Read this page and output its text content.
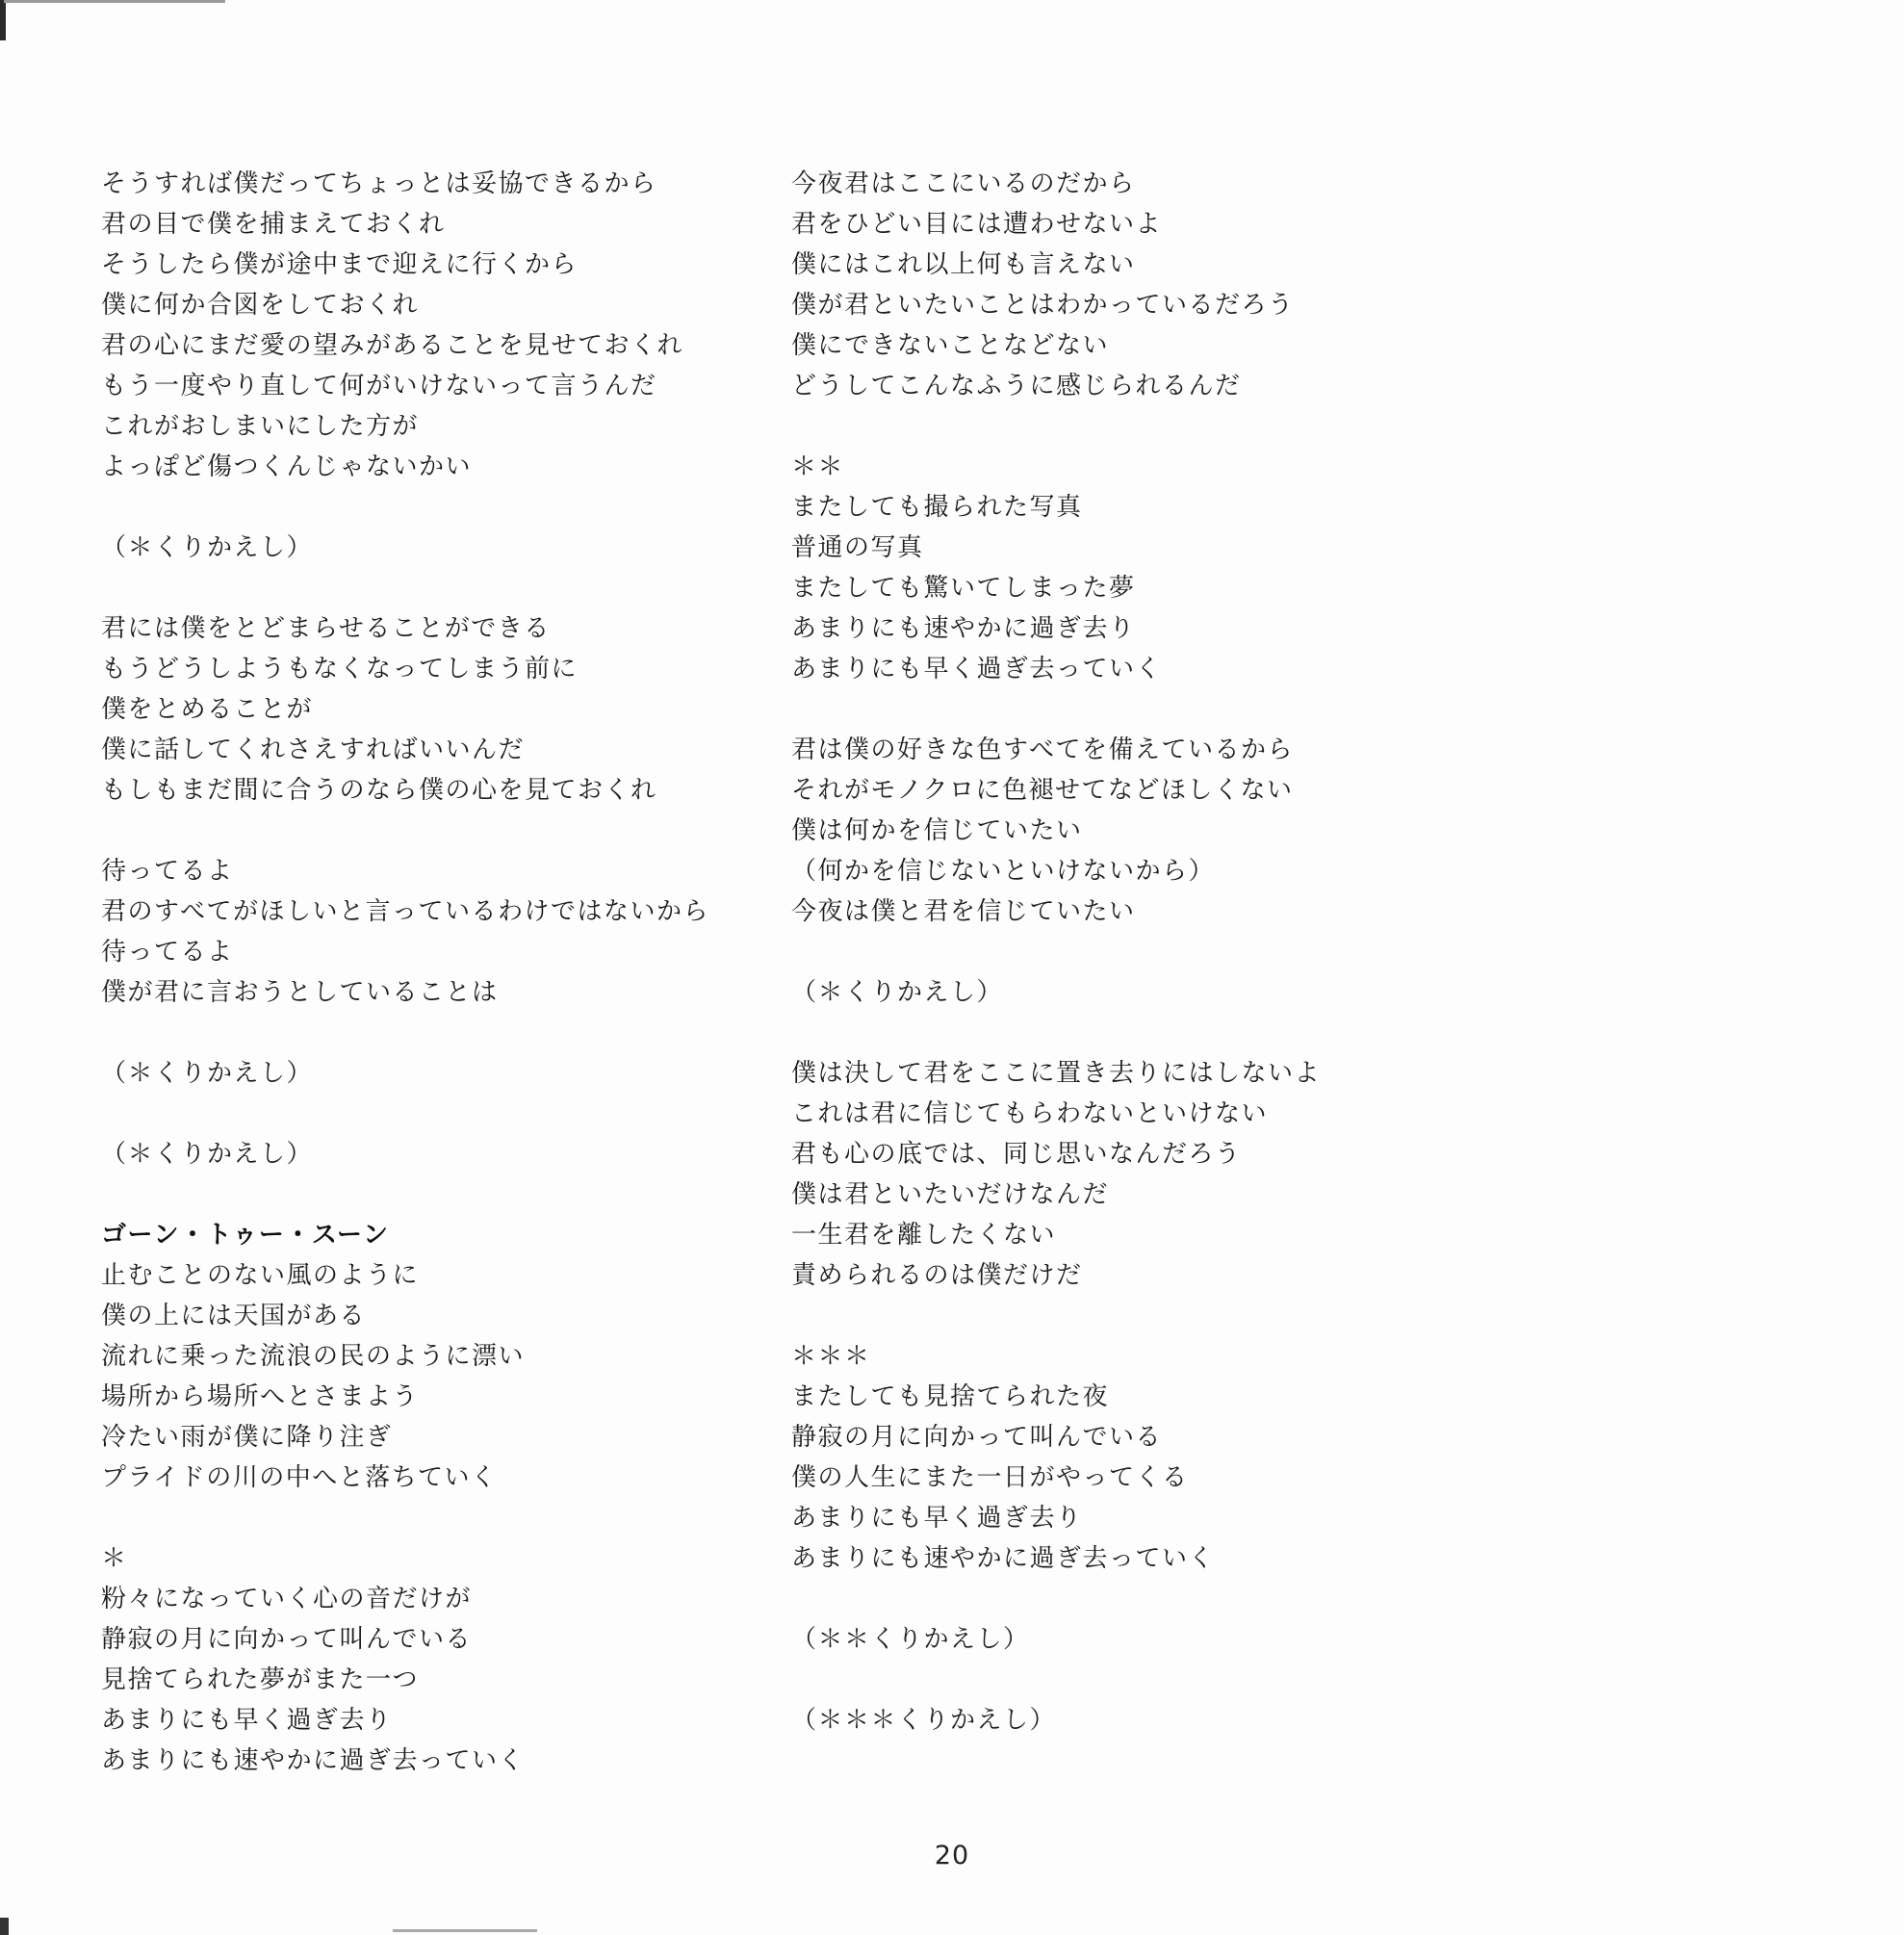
そうすれば僕だってちょっとは妥協できるから
君の目で僕を捕まえておくれ
そうしたら僕が途中まで迎えに行くから
僕に何か合図をしておくれ
君の心にまだ愛の望みがあることを見せておくれ
もう一度やり直して何がいけないって言うんだ
これがおしまいにした方が
よっぽど傷つくんじゃないかい

（＊くりかえし）

君には僕をとどまらせることができる
もうどうしようもなくなってしまう前に
僕をとめることが
僕に話してくれさえすればいいんだ
もしもまだ間に合うのなら僕の心を見ておくれ

待ってるよ
君のすべてがほしいと言っているわけではないから
待ってるよ
僕が君に言おうとしていることは

（＊くりかえし）

（＊くりかえし）

ゴーン・トゥー・スーン
止むことのない風のように
僕の上には天国がある
流れに乗った流浪の民のように漂い
場所から場所へとさまよう
冷たい雨が僕に降り注ぎ
プライドの川の中へと落ちていく

＊
粉々になっていく心の音だけが
静寂の月に向かって叫んでいる
見捨てられた夢がまた一つ
あまりにも早く過ぎ去り
あまりにも速やかに過ぎ去っていく
今夜君はここにいるのだから
君をひどい目には遭わせないよ
僕にはこれ以上何も言えない
僕が君といたいことはわかっているだろう
僕にできないことなどない
どうしてこんなふうに感じられるんだ

＊＊
またしても撮られた写真
普通の写真
またしても驚いてしまった夢
あまりにも速やかに過ぎ去り
あまりにも早く過ぎ去っていく

君は僕の好きな色すべてを備えているから
それがモノクロに色褪せてなどほしくない
僕は何かを信じていたい
（何かを信じないといけないから）
今夜は僕と君を信じていたい

（＊くりかえし）

僕は決して君をここに置き去りにはしないよ
これは君に信じてもらわないといけない
君も心の底では、同じ思いなんだろう
僕は君といたいだけなんだ
一生君を離したくない
責められるのは僕だけだ

＊＊＊
またしても見捨てられた夜
静寂の月に向かって叫んでいる
僕の人生にまた一日がやってくる
あまりにも早く過ぎ去り
あまりにも速やかに過ぎ去っていく

（＊＊くりかえし）

（＊＊＊くりかえし）
20
